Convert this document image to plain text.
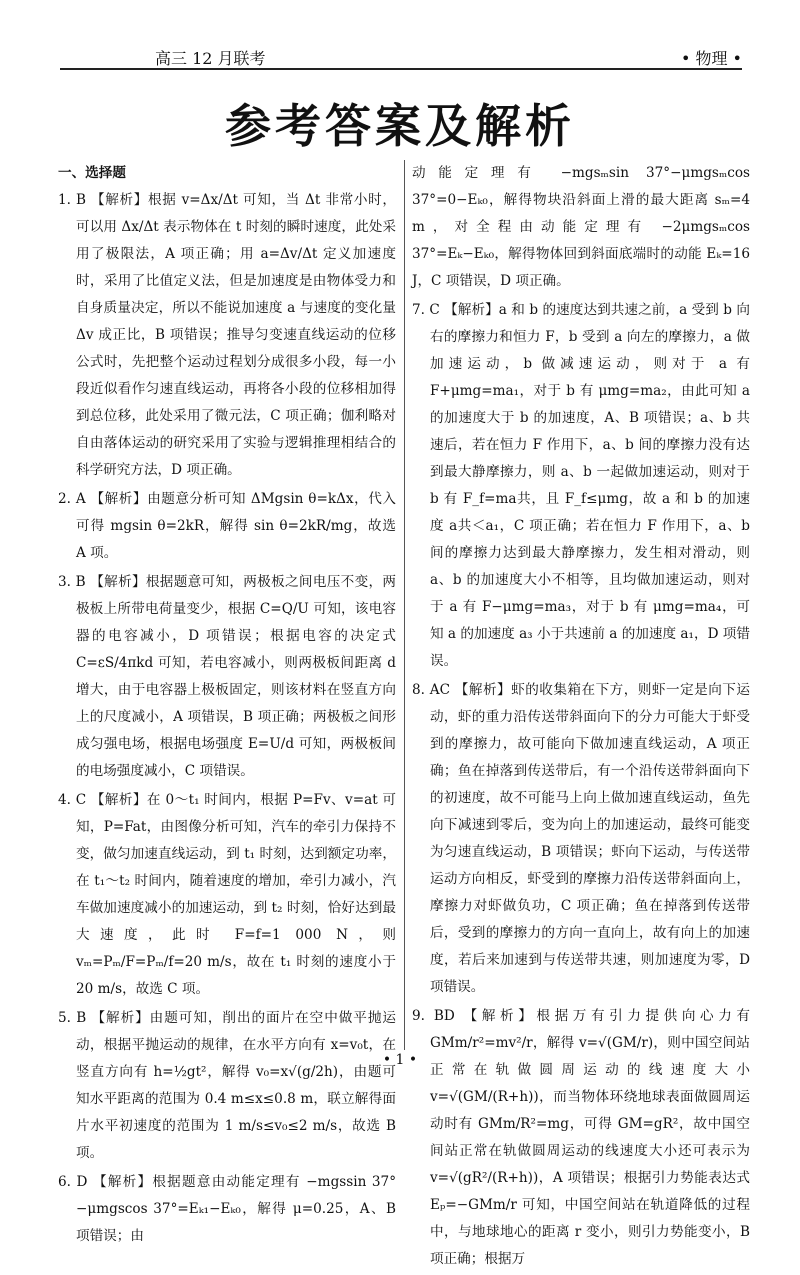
高三 12 月联考	• 物理 •
参考答案及解析

一、选择题

1. B 【解析】根据 v=Δx/Δt 可知，当 Δt 非常小时，可以用 Δx/Δt 表示物体在 t 时刻的瞬时速度，此处采用了极限法，A 项正确；用 a=Δv/Δt 定义加速度时，采用了比值定义法，但是加速度是由物体受力和自身质量决定，所以不能说加速度 a 与速度的变化量 Δv 成正比，B 项错误；推导匀变速直线运动的位移公式时，先把整个运动过程划分成很多小段，每一小段近似看作匀速直线运动，再将各小段的位移相加得到总位移，此处采用了微元法，C 项正确；伽利略对自由落体运动的研究采用了实验与逻辑推理相结合的科学研究方法，D 项正确。

2. A 【解析】由题意分析可知 ΔMgsin θ=kΔx，代入可得 mgsin θ=2kR，解得 sin θ=2kR/mg，故选 A 项。

3. B 【解析】根据题意可知，两极板之间电压不变，两极板上所带电荷量变少，根据 C=Q/U 可知，该电容器的电容减小，D 项错误；根据电容的决定式 C=εS/4πkd 可知，若电容减小，则两极板间距离 d 增大，由于电容器上极板固定，则该材料在竖直方向上的尺度减小，A 项错误，B 项正确；两极板之间形成匀强电场，根据电场强度 E=U/d 可知，两极板间的电场强度减小，C 项错误。

4. C 【解析】在 0～t₁ 时间内，根据 P=Fv、v=at 可知，P=Fat，由图像分析可知，汽车的牵引力保持不变，做匀加速直线运动，到 t₁ 时刻，达到额定功率，在 t₁～t₂ 时间内，随着速度的增加，牵引力减小，汽车做加速度减小的加速运动，到 t₂ 时刻，恰好达到最大速度，此时 F=f=1 000 N，则 vₘ=Pₘ/F=Pₘ/f=20 m/s，故在 t₁ 时刻的速度小于 20 m/s，故选 C 项。

5. B 【解析】由题可知，削出的面片在空中做平抛运动，根据平抛运动的规律，在水平方向有 x=v₀t，在竖直方向有 h=½gt²，解得 v₀=x√(g/2h)，由题可知水平距离的范围为 0.4 m≤x≤0.8 m，联立解得面片水平初速度的范围为 1 m/s≤v₀≤2 m/s，故选 B 项。

6. D 【解析】根据题意由动能定理有 −mgssin 37°−μmgscos 37°=Eₖ₁−Eₖ₀，解得 μ=0.25，A、B 项错误；由

动能定理有 −mgsₘsin 37°−μmgsₘcos 37°=0−Eₖ₀，解得物块沿斜面上滑的最大距离 sₘ=4 m，对全程由动能定理有 −2μmgsₘcos 37°=Eₖ−Eₖ₀，解得物体回到斜面底端时的动能 Eₖ=16 J，C 项错误，D 项正确。

7. C 【解析】a 和 b 的速度达到共速之前，a 受到 b 向右的摩擦力和恒力 F，b 受到 a 向左的摩擦力，a 做加速运动，b 做减速运动，则对于 a 有 F+μmg=ma₁，对于 b 有 μmg=ma₂，由此可知 a 的加速度大于 b 的加速度，A、B 项错误；a、b 共速后，若在恒力 F 作用下，a、b 间的摩擦力没有达到最大静摩擦力，则 a、b 一起做加速运动，则对于 b 有 F_f=ma共，且 F_f≤μmg，故 a 和 b 的加速度 a共＜a₁，C 项正确；若在恒力 F 作用下，a、b 间的摩擦力达到最大静摩擦力，发生相对滑动，则 a、b 的加速度大小不相等，且均做加速运动，则对于 a 有 F−μmg=ma₃，对于 b 有 μmg=ma₄，可知 a 的加速度 a₃ 小于共速前 a 的加速度 a₁，D 项错误。

8. AC 【解析】虾的收集箱在下方，则虾一定是向下运动，虾的重力沿传送带斜面向下的分力可能大于虾受到的摩擦力，故可能向下做加速直线运动，A 项正确；鱼在掉落到传送带后，有一个沿传送带斜面向下的初速度，故不可能马上向上做加速直线运动，鱼先向下减速到零后，变为向上的加速运动，最终可能变为匀速直线运动，B 项错误；虾向下运动，与传送带运动方向相反，虾受到的摩擦力沿传送带斜面向上，摩擦力对虾做负功，C 项正确；鱼在掉落到传送带后，受到的摩擦力的方向一直向上，故有向上的加速度，若后来加速到与传送带共速，则加速度为零，D 项错误。

9. BD 【解析】根据万有引力提供向心力有 GMm/r²=mv²/r，解得 v=√(GM/r)，则中国空间站正常在轨做圆周运动的线速度大小 v=√(GM/(R+h))，而当物体环绕地球表面做圆周运动时有 GMm/R²=mg，可得 GM=gR²，故中国空间站正常在轨做圆周运动的线速度大小还可表示为 v=√(gR²/(R+h))，A 项错误；根据引力势能表达式 Eₚ=−GMm/r 可知，中国空间站在轨道降低的过程中，与地球地心的距离 r 变小，则引力势能变小，B 项正确；根据万

• 1 •
